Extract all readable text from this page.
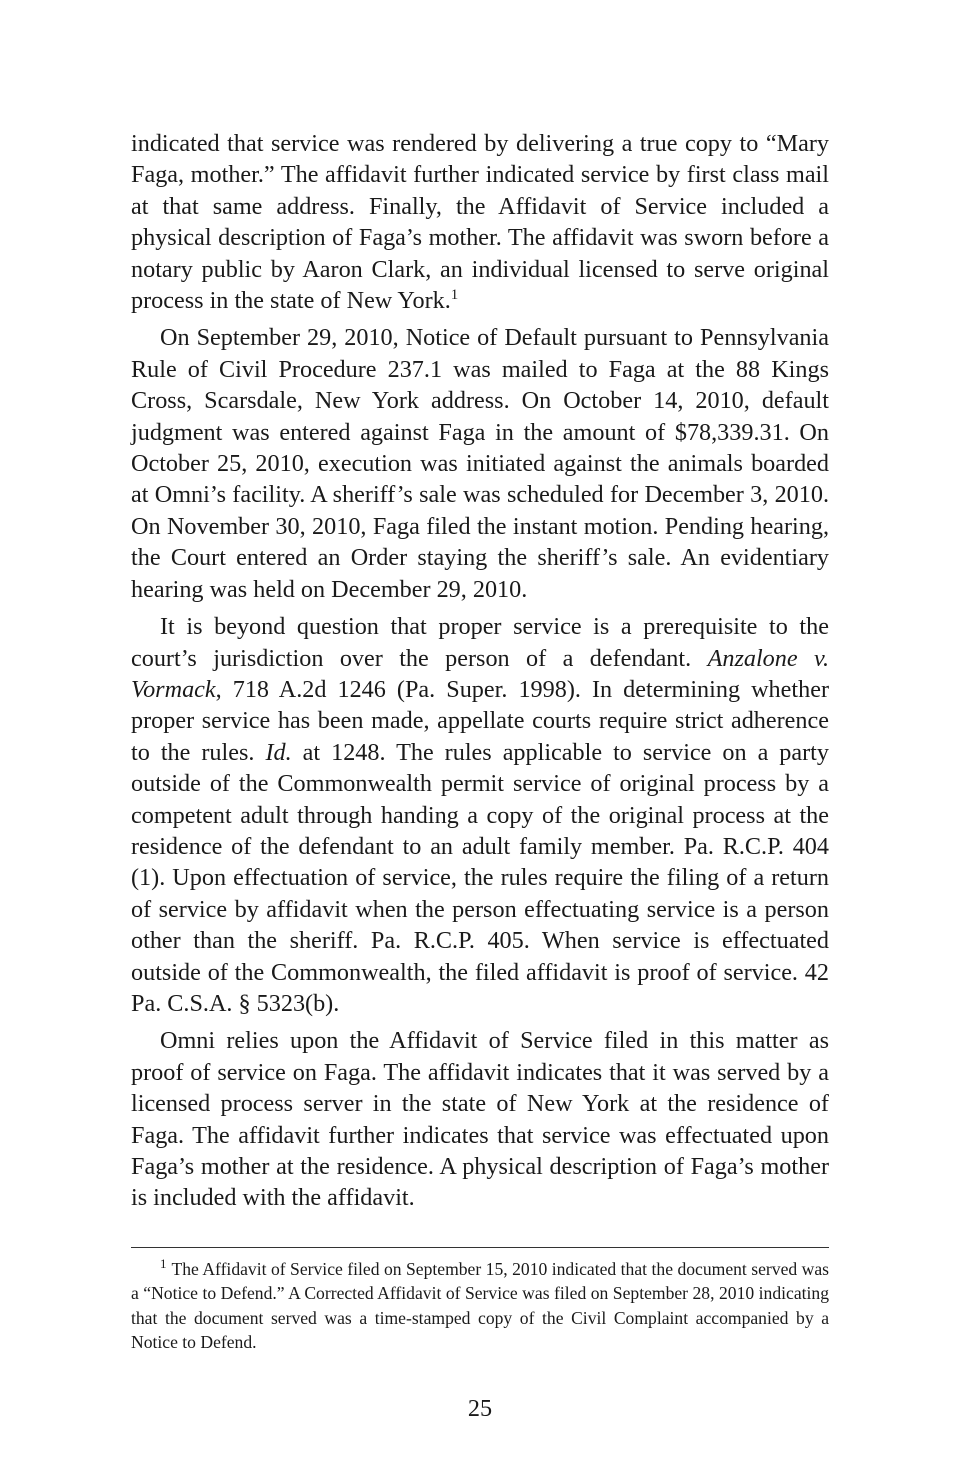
indicated that service was rendered by delivering a true copy to “Mary Faga, mother.” The affidavit further indicated service by first class mail at that same address. Finally, the Affidavit of Service included a physical description of Faga’s mother. The affidavit was sworn before a notary public by Aaron Clark, an individual licensed to serve original process in the state of New York.$^1$

On September 29, 2010, Notice of Default pursuant to Pennsylvania Rule of Civil Procedure 237.1 was mailed to Faga at the 88 Kings Cross, Scarsdale, New York address. On October 14, 2010, default judgment was entered against Faga in the amount of $78,339.31. On October 25, 2010, execution was initiated against the animals boarded at Omni’s facility. A sheriff’s sale was scheduled for December 3, 2010. On November 30, 2010, Faga filed the instant motion. Pending hearing, the Court entered an Order staying the sheriff’s sale. An evidentiary hearing was held on December 29, 2010.

It is beyond question that proper service is a prerequisite to the court’s jurisdiction over the person of a defendant. Anzalone v. Vormack, 718 A.2d 1246 (Pa. Super. 1998). In determining whether proper service has been made, appellate courts require strict adherence to the rules. Id. at 1248. The rules applicable to service on a party outside of the Commonwealth permit service of original process by a competent adult through handing a copy of the original process at the residence of the defendant to an adult family member. Pa. R.C.P. 404 (1). Upon effectuation of service, the rules require the filing of a return of service by affidavit when the person effectuating service is a person other than the sheriff. Pa. R.C.P. 405. When service is effectuated outside of the Commonwealth, the filed affidavit is proof of service. 42 Pa. C.S.A. § 5323(b).

Omni relies upon the Affidavit of Service filed in this matter as proof of service on Faga. The affidavit indicates that it was served by a licensed process server in the state of New York at the residence of Faga. The affidavit further indicates that service was effectuated upon Faga’s mother at the residence. A physical description of Faga’s mother is included with the affidavit.

$^1$ The Affidavit of Service filed on September 15, 2010 indicated that the document served was a “Notice to Defend.” A Corrected Affidavit of Service was filed on September 28, 2010 indicating that the document served was a time-stamped copy of the Civil Complaint accompanied by a Notice to Defend.

25
